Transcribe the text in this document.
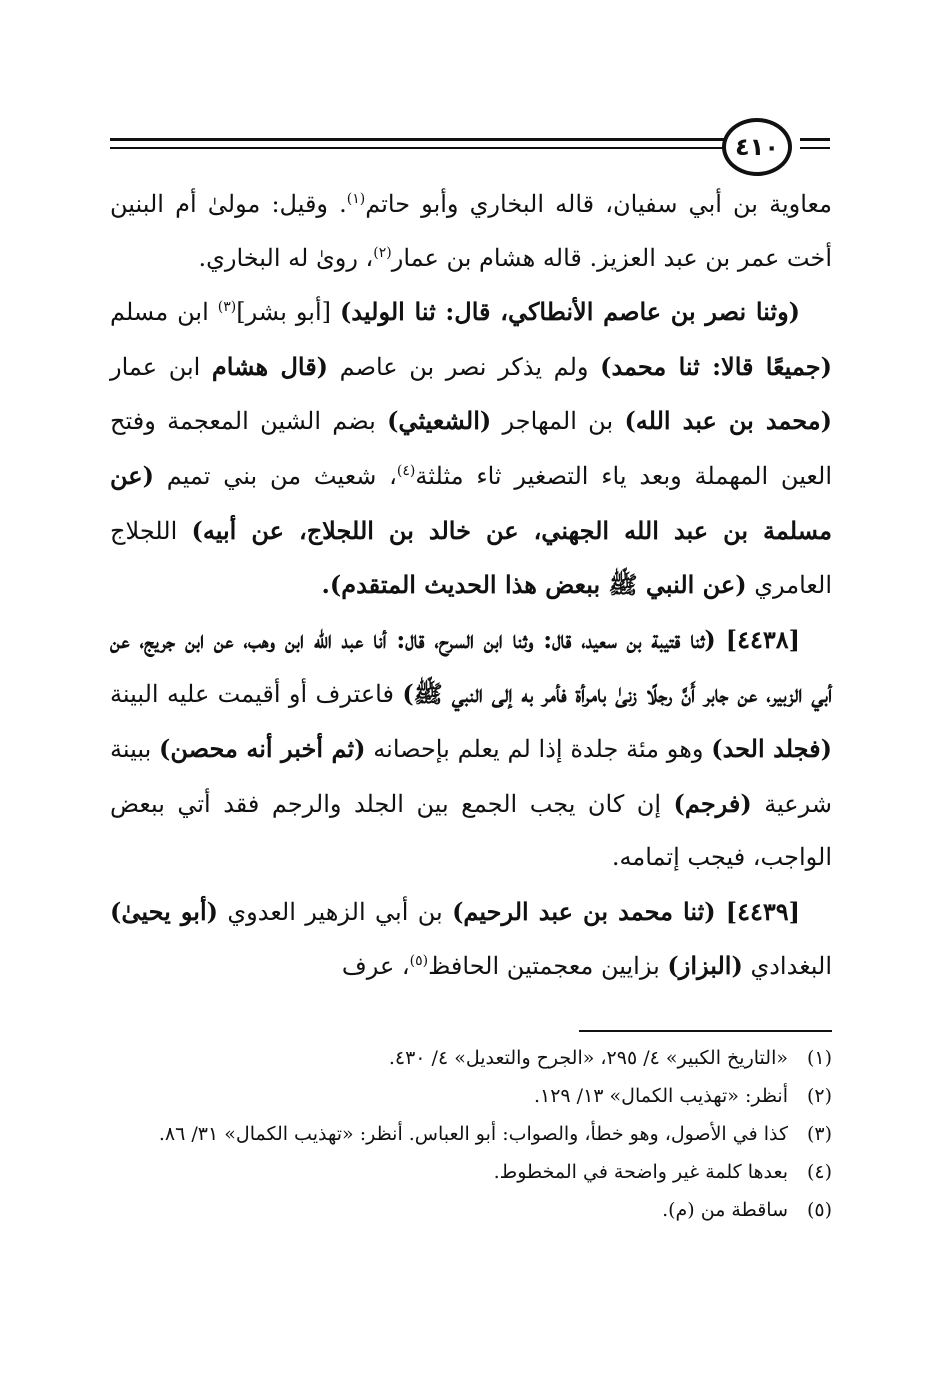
٤١٠

معاوية بن أبي سفيان، قاله البخاري وأبو حاتم$^{(١)}$. وقيل: مولىٰ أم البنين أخت عمر بن عبد العزيز. قاله هشام بن عمار$^{(٢)}$، روىٰ له البخاري.

(وثنا نصر بن عاصم الأنطاكي، قال: ثنا الوليد) [أبو بشر]$^{(٣)}$ ابن مسلم (جميعًا قالا: ثنا محمد) ولم يذكر نصر بن عاصم (قال هشام ابن عمار (محمد بن عبد الله) بن المهاجر (الشعيثي) بضم الشين المعجمة وفتح العين المهملة وبعد ياء التصغير ثاء مثلثة$^{(٤)}$، شعيث من بني تميم (عن مسلمة بن عبد الله الجهني، عن خالد بن اللجلاج، عن أبيه) اللجلاج العامري (عن النبي ﷺ ببعض هذا الحديث المتقدم).

[٤٤٣٨] (ثنا قتيبة بن سعيد، قال: وثنا ابن السرح، قال: أنا عبد الله ابن وهب، عن ابن جريج، عن أبي الزبير، عن جابر أَنَّ رجلًا زنىٰ بامرأة فأمر به إلى النبي ﷺ) فاعترف أو أقيمت عليه البينة (فجلد الحد) وهو مئة جلدة إذا لم يعلم بإحصانه (ثم أخبر أنه محصن) ببينة شرعية (فرجم) إن كان يجب الجمع بين الجلد والرجم فقد أتي ببعض الواجب، فيجب إتمامه.

[٤٤٣٩] (ثنا محمد بن عبد الرحيم) بن أبي الزهير العدوي (أبو يحيىٰ) البغدادي (البزاز) بزايين معجمتين الحافظ$^{(٥)}$، عرف

(١)
«التاريخ الكبير» ٤/ ٢٩٥، «الجرح والتعديل» ٤/ ٤٣٠.
(٢)
أنظر: «تهذيب الكمال» ١٣/ ١٢٩.
(٣)
كذا في الأصول، وهو خطأ، والصواب: أبو العباس. أنظر: «تهذيب الكمال» ٣١/ ٨٦.
(٤)
بعدها كلمة غير واضحة في المخطوط.
(٥)
ساقطة من (م).
